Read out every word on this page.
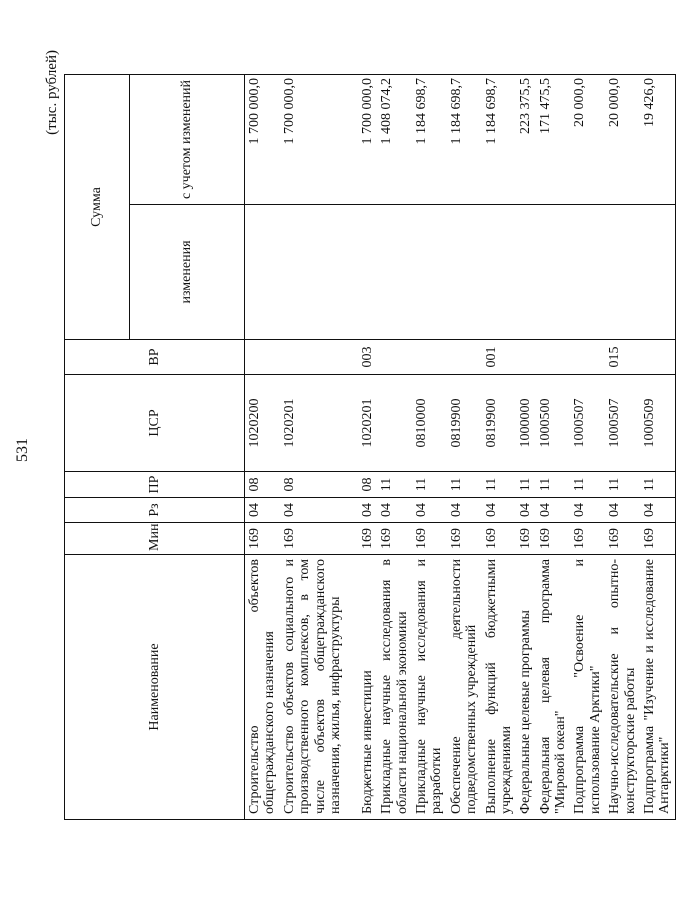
531
(тыс. рублей)
Наименование	Мин	Рз	ПР	ЦСР	ВР	Сумма	
						изменения	с учетом изменений
Строительство объектов общегражданского назначения	169	04	08	1020200			1 700 000,0
Строительство объектов социального и производственного комплексов, в том числе объектов общегражданского назначения, жилья, инфраструктуры	169	04	08	1020201			1 700 000,0
Бюджетные инвестиции	169	04	08	1020201	003		1 700 000,0
Прикладные научные исследования в области национальной экономики	169	04	11				1 408 074,2
Прикладные научные исследования и разработки	169	04	11	0810000			1 184 698,7
Обеспечение деятельности подведомственных учреждений	169	04	11	0819900			1 184 698,7
Выполнение функций бюджетными учреждениями	169	04	11	0819900	001		1 184 698,7
Федеральные целевые программы	169	04	11	1000000			223 375,5
Федеральная целевая программа "Мировой океан"	169	04	11	1000500			171 475,5
Подпрограмма "Освоение и использование Арктики"	169	04	11	1000507			20 000,0
Научно-исследовательские и опытно-конструкторские работы	169	04	11	1000507	015		20 000,0
Подпрограмма "Изучение и исследование Антарктики"	169	04	11	1000509			19 426,0
